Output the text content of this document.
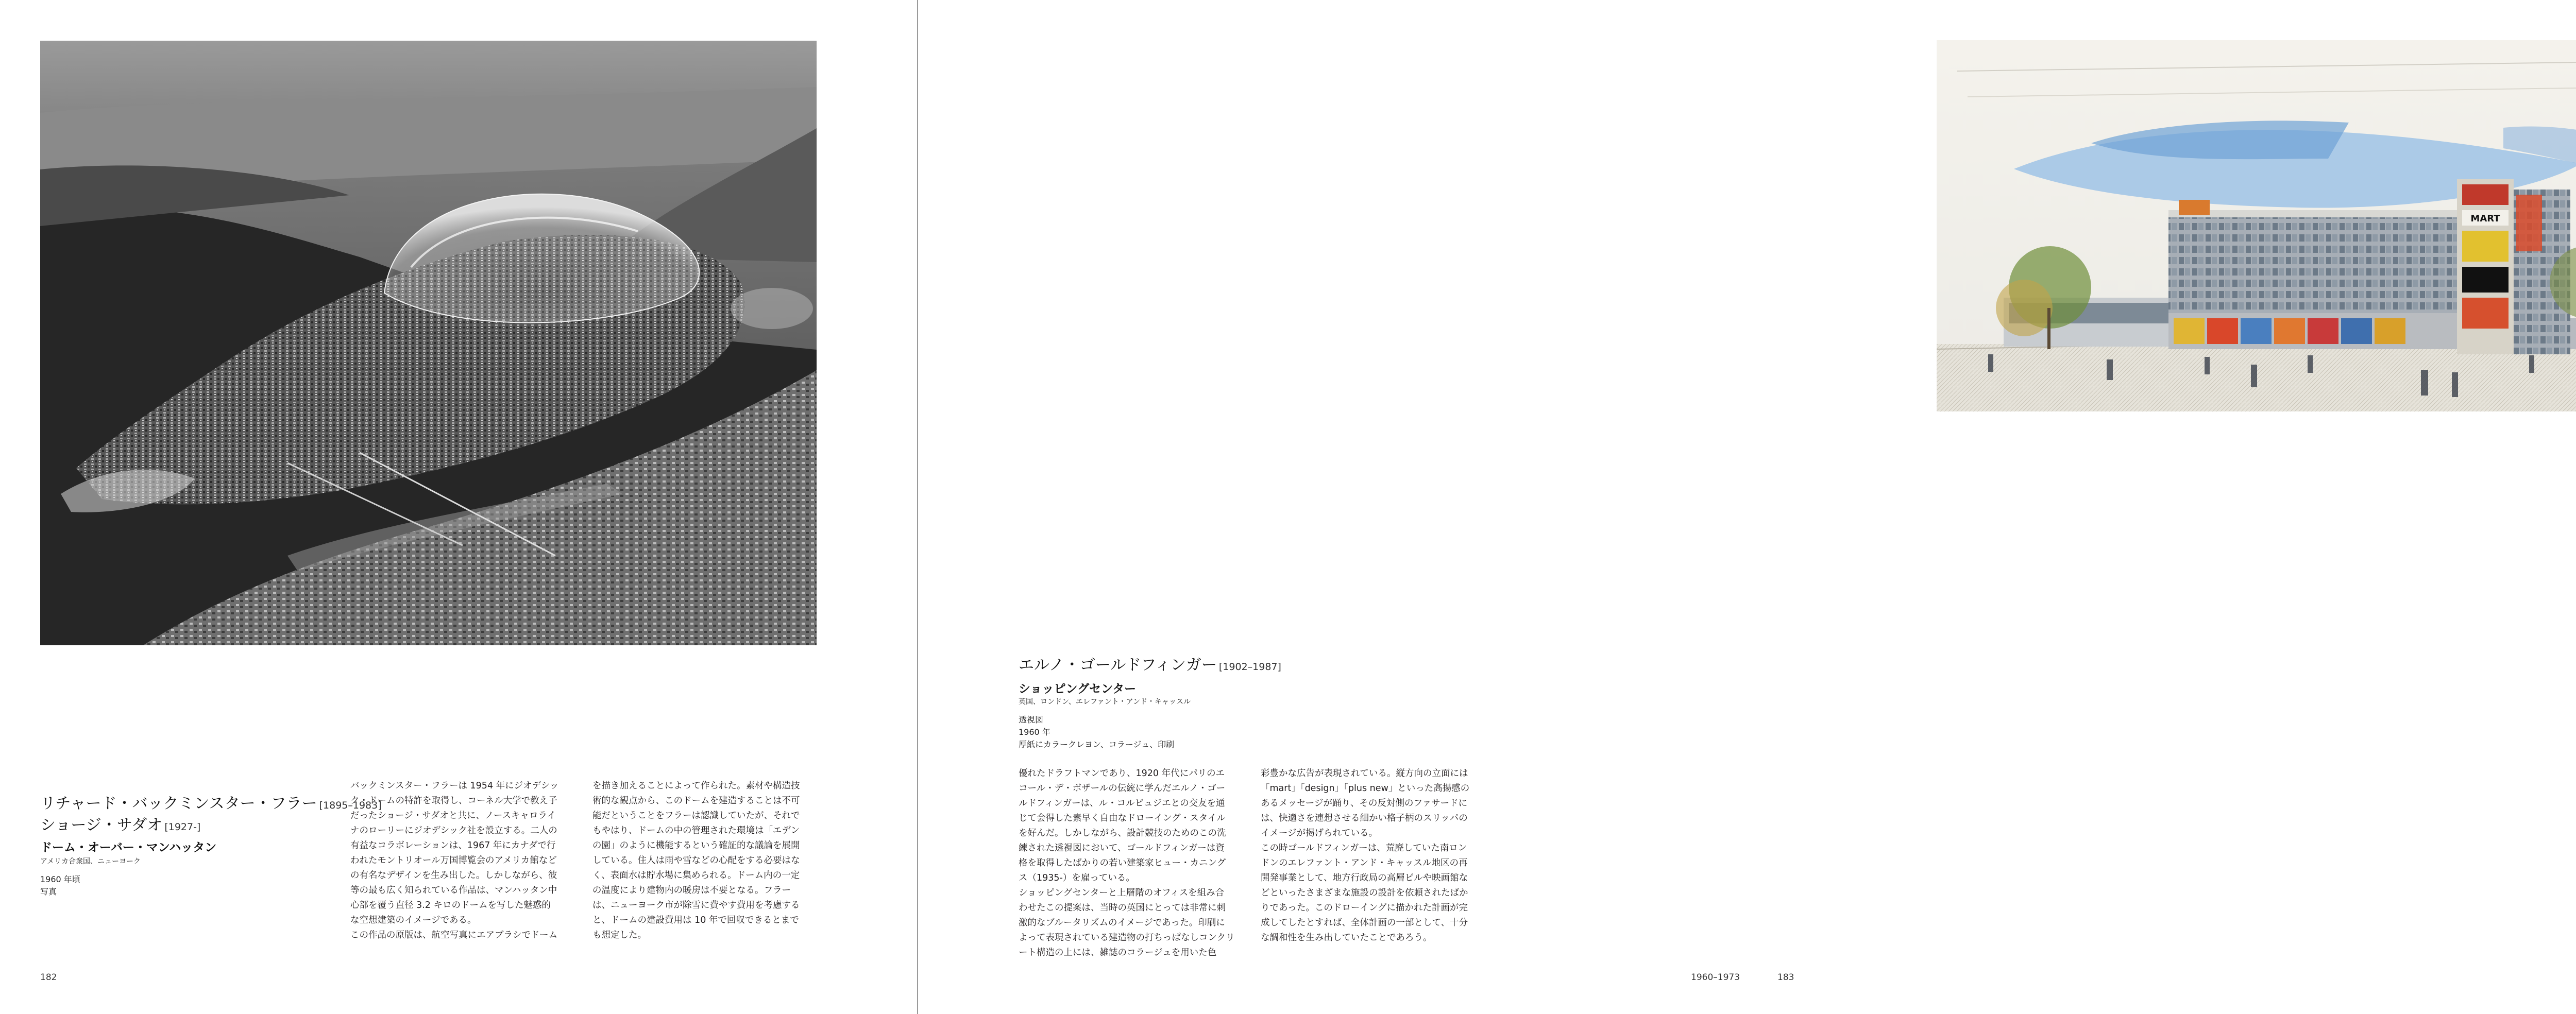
リチャード・バックミンスター・フラー [1895–1983]
ショージ・サダオ [1927-]
ドーム・オーバー・マンハッタン
アメリカ合衆国、ニューヨーク
1960 年頃
写真

バックミンスター・フラーは 1954 年にジオデシッ

ク・ドームの特許を取得し、コーネル大学で教え子

だったショージ・サダオと共に、ノースキャロライ

ナのローリーにジオデシック社を設立する。二人の

有益なコラボレーションは、1967 年にカナダで行

われたモントリオール万国博覧会のアメリカ館など

の有名なデザインを生み出した。しかしながら、彼

等の最も広く知られている作品は、マンハッタン中

心部を覆う直径 3.2 キロのドームを写した魅惑的

な空想建築のイメージである。

この作品の原版は、航空写真にエアブラシでドーム

を描き加えることによって作られた。素材や構造技

術的な観点から、このドームを建造することは不可

能だということをフラーは認識していたが、それで

もやはり、ドームの中の管理された環境は「エデン

の園」のように機能するという確証的な議論を展開

している。住人は雨や雪などの心配をする必要はな

く、表面水は貯水場に集められる。ドーム内の一定

の温度により建物内の暖房は不要となる。フラー

は、ニューヨーク市が除雪に費やす費用を考慮する

と、ドームの建設費用は 10 年で回収できるとまで

も想定した。

182
MART
エルノ・ゴールドフィンガー [1902–1987]
ショッピングセンター
英国、ロンドン、エレファント・アンド・キャッスル
透視図
1960 年
厚紙にカラークレヨン、コラージュ、印刷

優れたドラフトマンであり、1920 年代にパリのエ

コール・デ・ボザールの伝統に学んだエルノ・ゴー

ルドフィンガーは、ル・コルビュジエとの交友を通

じて会得した素早く自由なドローイング・スタイル

を好んだ。しかしながら、設計競技のためのこの洗

練された透視図において、ゴールドフィンガーは資

格を取得したばかりの若い建築家ヒュー・カニング

ス（1935-）を雇っている。

ショッピングセンターと上層階のオフィスを組み合

わせたこの提案は、当時の英国にとっては非常に刺

激的なブルータリズムのイメージであった。印刷に

よって表現されている建造物の打ちっぱなしコンクリ

ート構造の上には、雑誌のコラージュを用いた色

彩豊かな広告が表現されている。縦方向の立面には

「mart」「design」「plus new」といった高揚感の

あるメッセージが踊り、その反対側のファサードに

は、快適さを連想させる細かい格子柄のスリッパの

イメージが掲げられている。

この時ゴールドフィンガーは、荒廃していた南ロン

ドンのエレファント・アンド・キャッスル地区の再

開発事業として、地方行政局の高層ビルや映画館な

どといったさまざまな施設の設計を依頼されたばか

りであった。このドローイングに描かれた計画が完

成してしたとすれば、全体計画の一部として、十分

な調和性を生み出していたことであろう。

1960–1973	183
